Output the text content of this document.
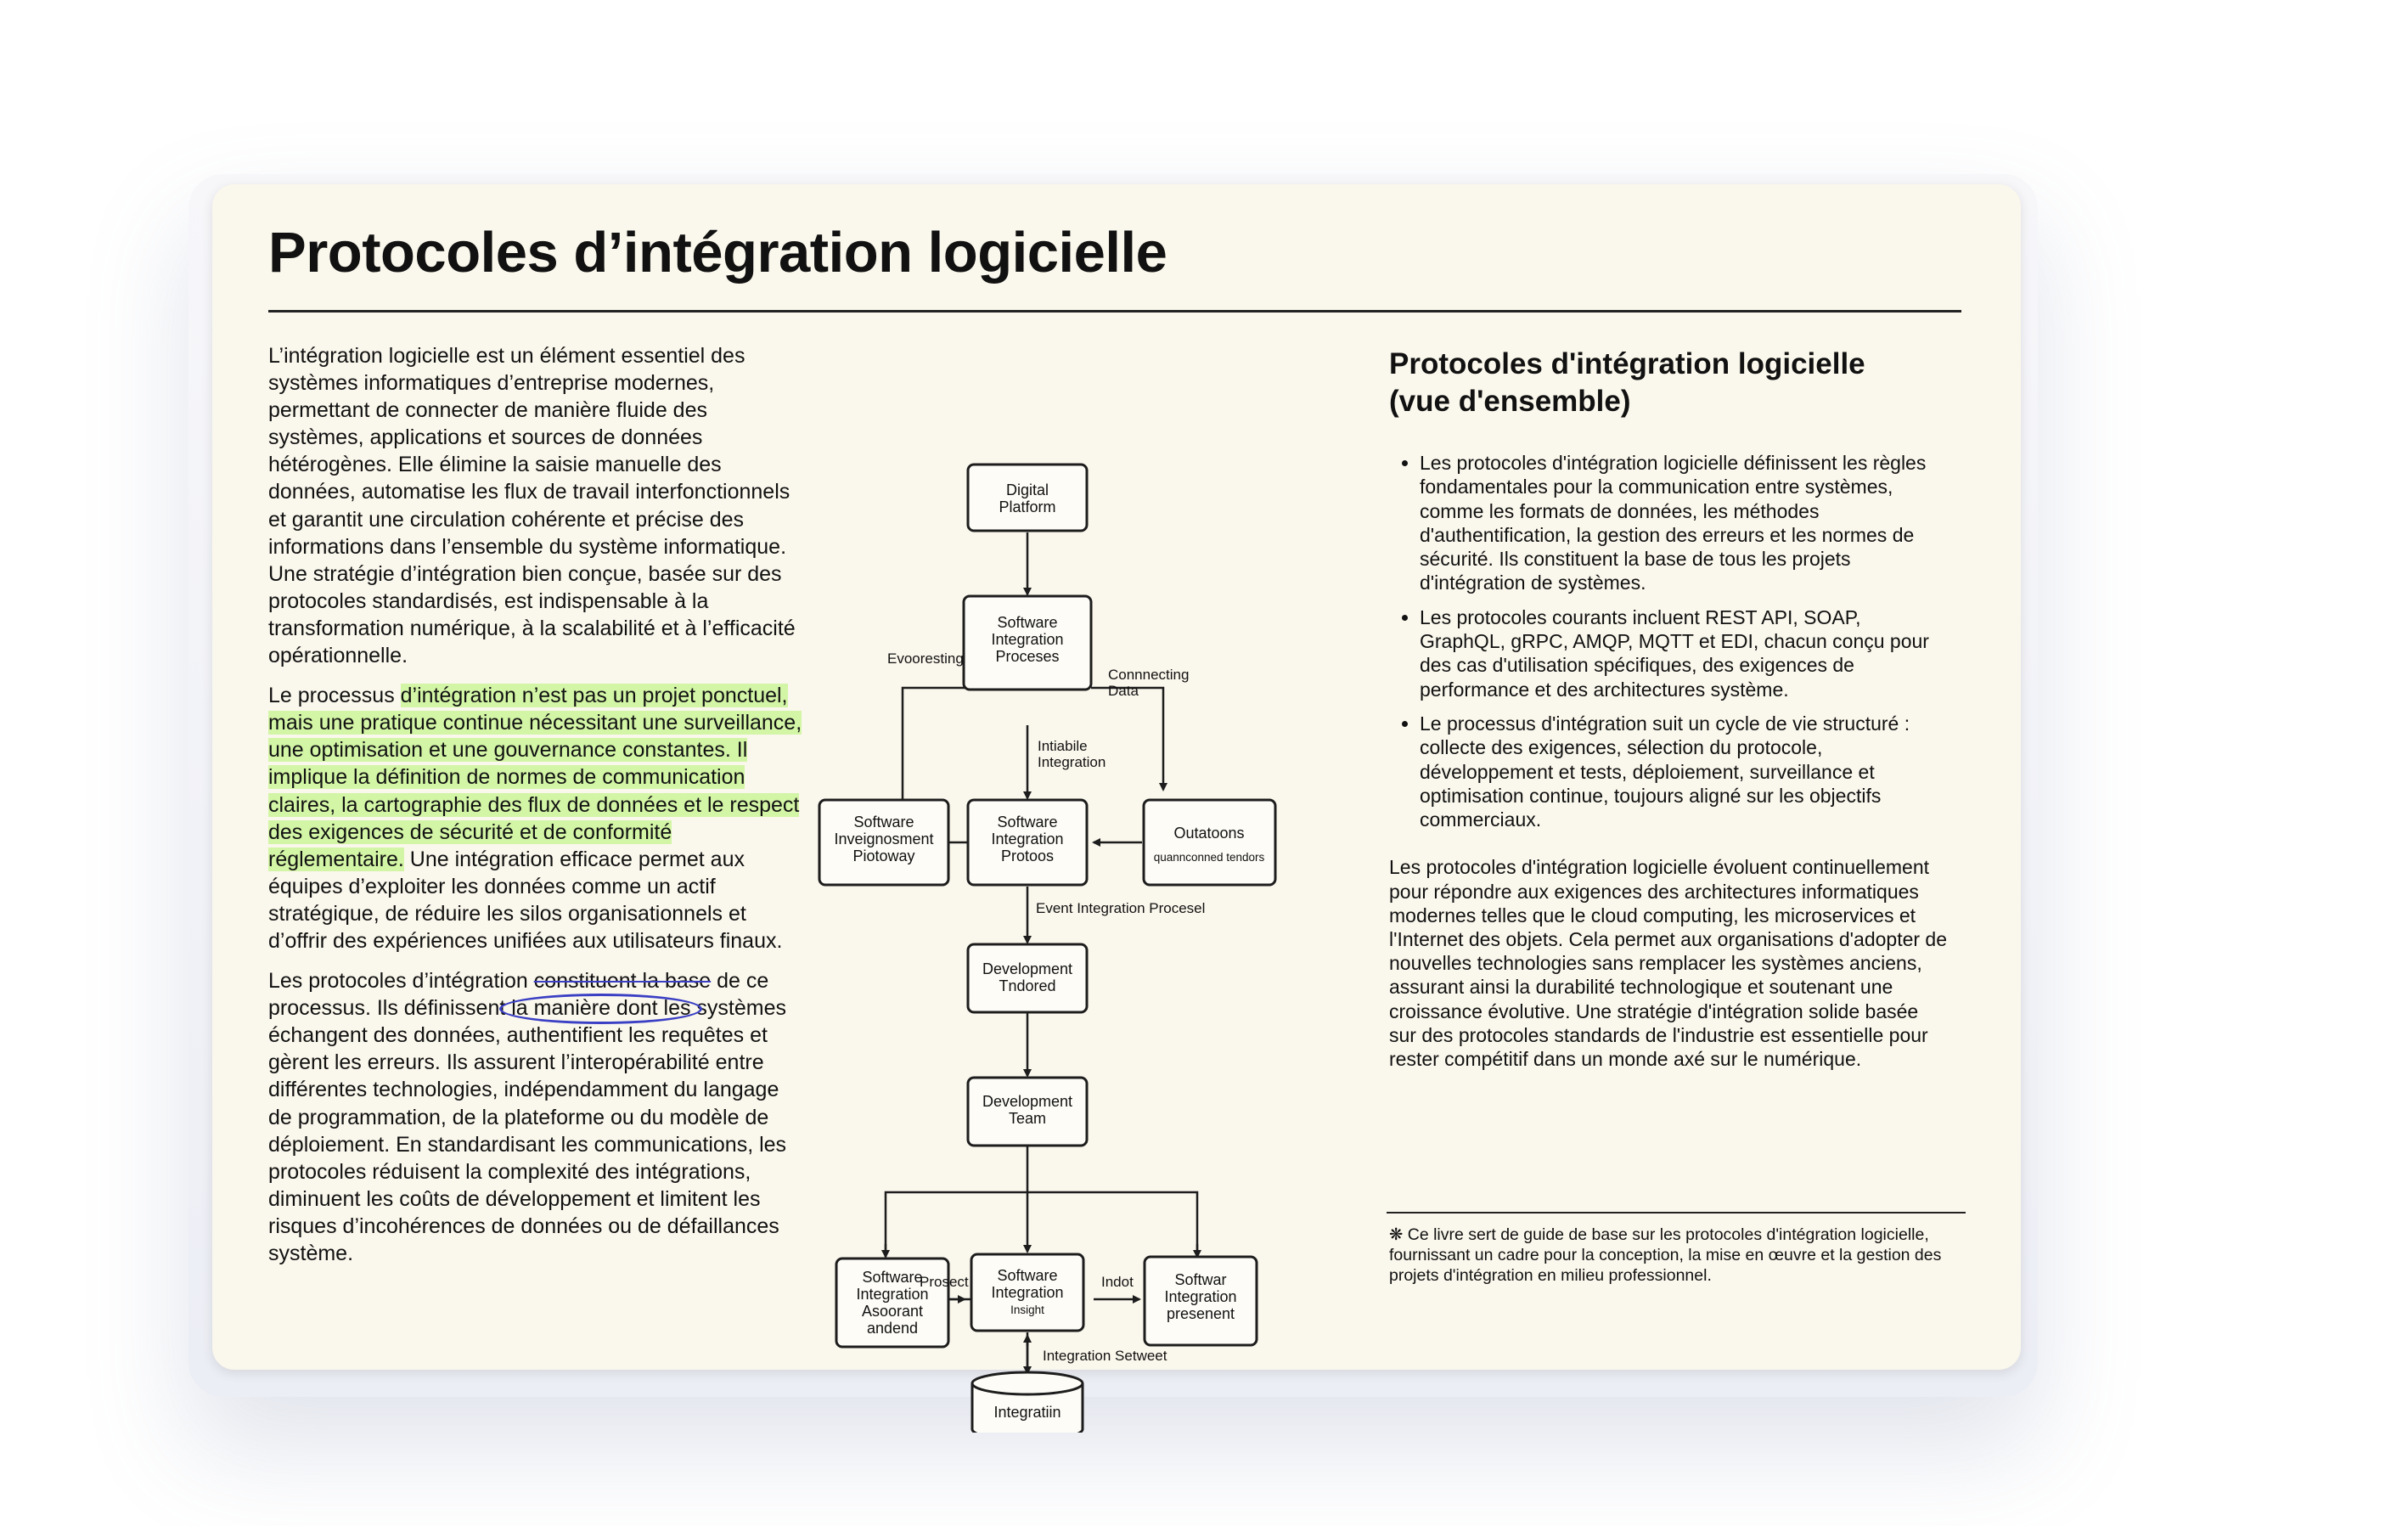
Protocoles d’intégration logicielle

L’intégration logicielle est un élément essentiel des systèmes informatiques d’entreprise modernes, permettant de connecter de manière fluide des systèmes, applications et sources de données hétérogènes. Elle élimine la saisie manuelle des données, automatise les flux de travail interfonctionnels et garantit une circulation cohérente et précise des informations dans l’ensemble du système informatique. Une stratégie d’intégration bien conçue, basée sur des protocoles standardisés, est indispensable à la transformation numérique, à la scalabilité et à l’efficacité opérationnelle.

Le processus d’intégration n’est pas un projet ponctuel, mais une pratique continue nécessitant une surveillance, une optimisation et une gouvernance constantes. Il implique la définition de normes de communication claires, la cartographie des flux de données et le respect des exigences de sécurité et de conformité réglementaire. Une intégration efficace permet aux équipes d’exploiter les données comme un actif stratégique, de réduire les silos organisationnels et d’offrir des expériences unifiées aux utilisateurs finaux.

Les protocoles d’intégration constituent la base de ce processus. Ils définissent la manière dont les
systèmes échangent des données, authentifient les requêtes et gèrent les erreurs. Ils assurent l’interopérabilité entre différentes technologies, indépendamment du langage de programmation, de la plateforme ou du modèle de déploiement. En standardisant les communications, les protocoles réduisent la complexité des intégrations, diminuent les coûts de développement et limitent les risques d’incohérences de données ou de défaillances système.

Digital
Platform
Software
Integration
Proceses
Evooresting
Connnecting
Data
Intiabile
Integration
Software
Integration
Protoos
Software
Inveignosment
Piotoway
Outatoons
quannconned tendors
Event Integration Procesel
Development
Tndored
Development
Team
Software
Integration
Asoorant
andend
Prosect Software
Integration
Insight
Indot	Softwar
Integration
presenent
Integration Setweet
Integratiin
Protocoles d'intégration logicielle
(vue d'ensemble)
• Les protocoles d'intégration logicielle définissent les règles fondamentales pour la communication entre systèmes, comme les formats de données, les méthodes d'authentification, la gestion des erreurs et les normes de sécurité. Ils constituent la base de tous les projets d'intégration de systèmes.
• Les protocoles courants incluent REST API, SOAP, GraphQL, gRPC, AMQP, MQTT et EDI, chacun conçu pour des cas d'utilisation spécifiques, des exigences de performance et des architectures système.
• Le processus d'intégration suit un cycle de vie structuré : collecte des exigences, sélection du protocole, développement et tests, déploiement, surveillance et optimisation continue, toujours aligné sur les objectifs commerciaux.

Les protocoles d'intégration logicielle évoluent continuellement pour répondre aux exigences des architectures informatiques modernes telles que le cloud computing, les microservices et l'Internet des objets. Cela permet aux organisations d'adopter de nouvelles technologies sans remplacer les systèmes anciens, assurant ainsi la durabilité technologique et soutenant une croissance évolutive. Une stratégie d'intégration solide basée sur des protocoles standards de l'industrie est essentielle pour rester compétitif dans un monde axé sur le numérique.

❋ Ce livre sert de guide de base sur les protocoles d'intégration logicielle, fournissant un cadre pour la conception, la mise en œuvre et la gestion des projets d'intégration en milieu professionnel.
